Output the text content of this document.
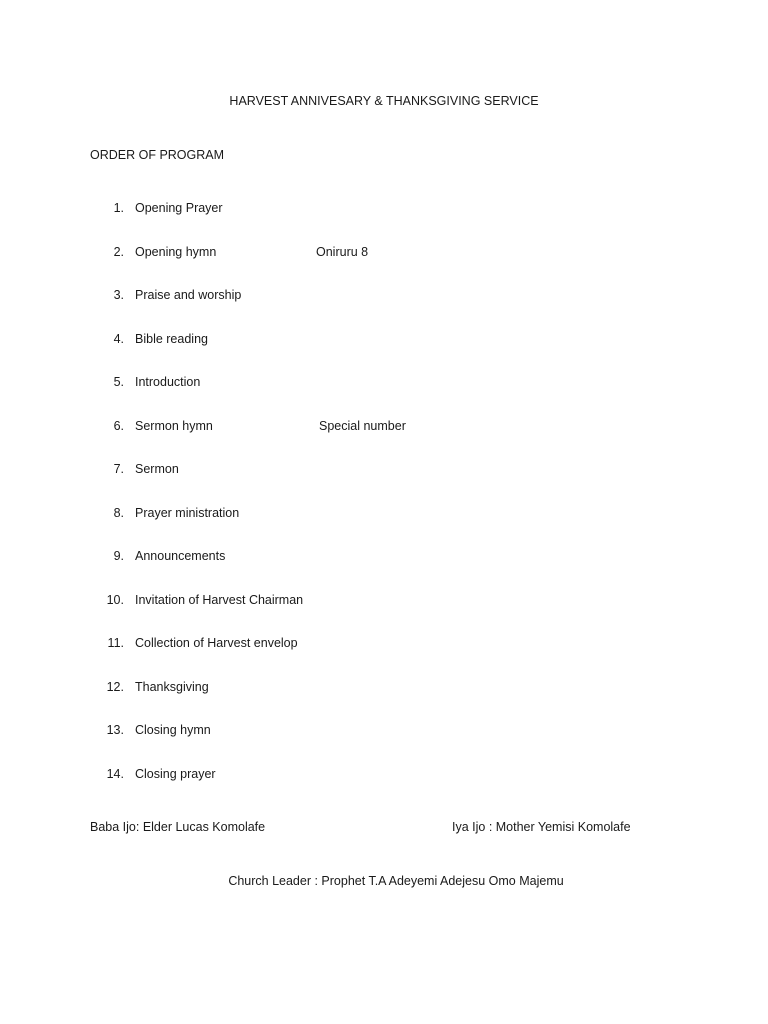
HARVEST ANNIVESARY & THANKSGIVING SERVICE
ORDER OF PROGRAM
1. Opening Prayer
2. Opening hymn	Oniruru 8
3. Praise and worship
4. Bible reading
5. Introduction
6. Sermon hymn	Special number
7. Sermon
8. Prayer ministration
9. Announcements
10. Invitation of Harvest Chairman
11. Collection of Harvest envelop
12. Thanksgiving
13. Closing hymn
14. Closing prayer
Baba Ijo: Elder Lucas Komolafe	Iya Ijo : Mother Yemisi Komolafe
Church Leader : Prophet T.A Adeyemi Adejesu Omo Majemu
